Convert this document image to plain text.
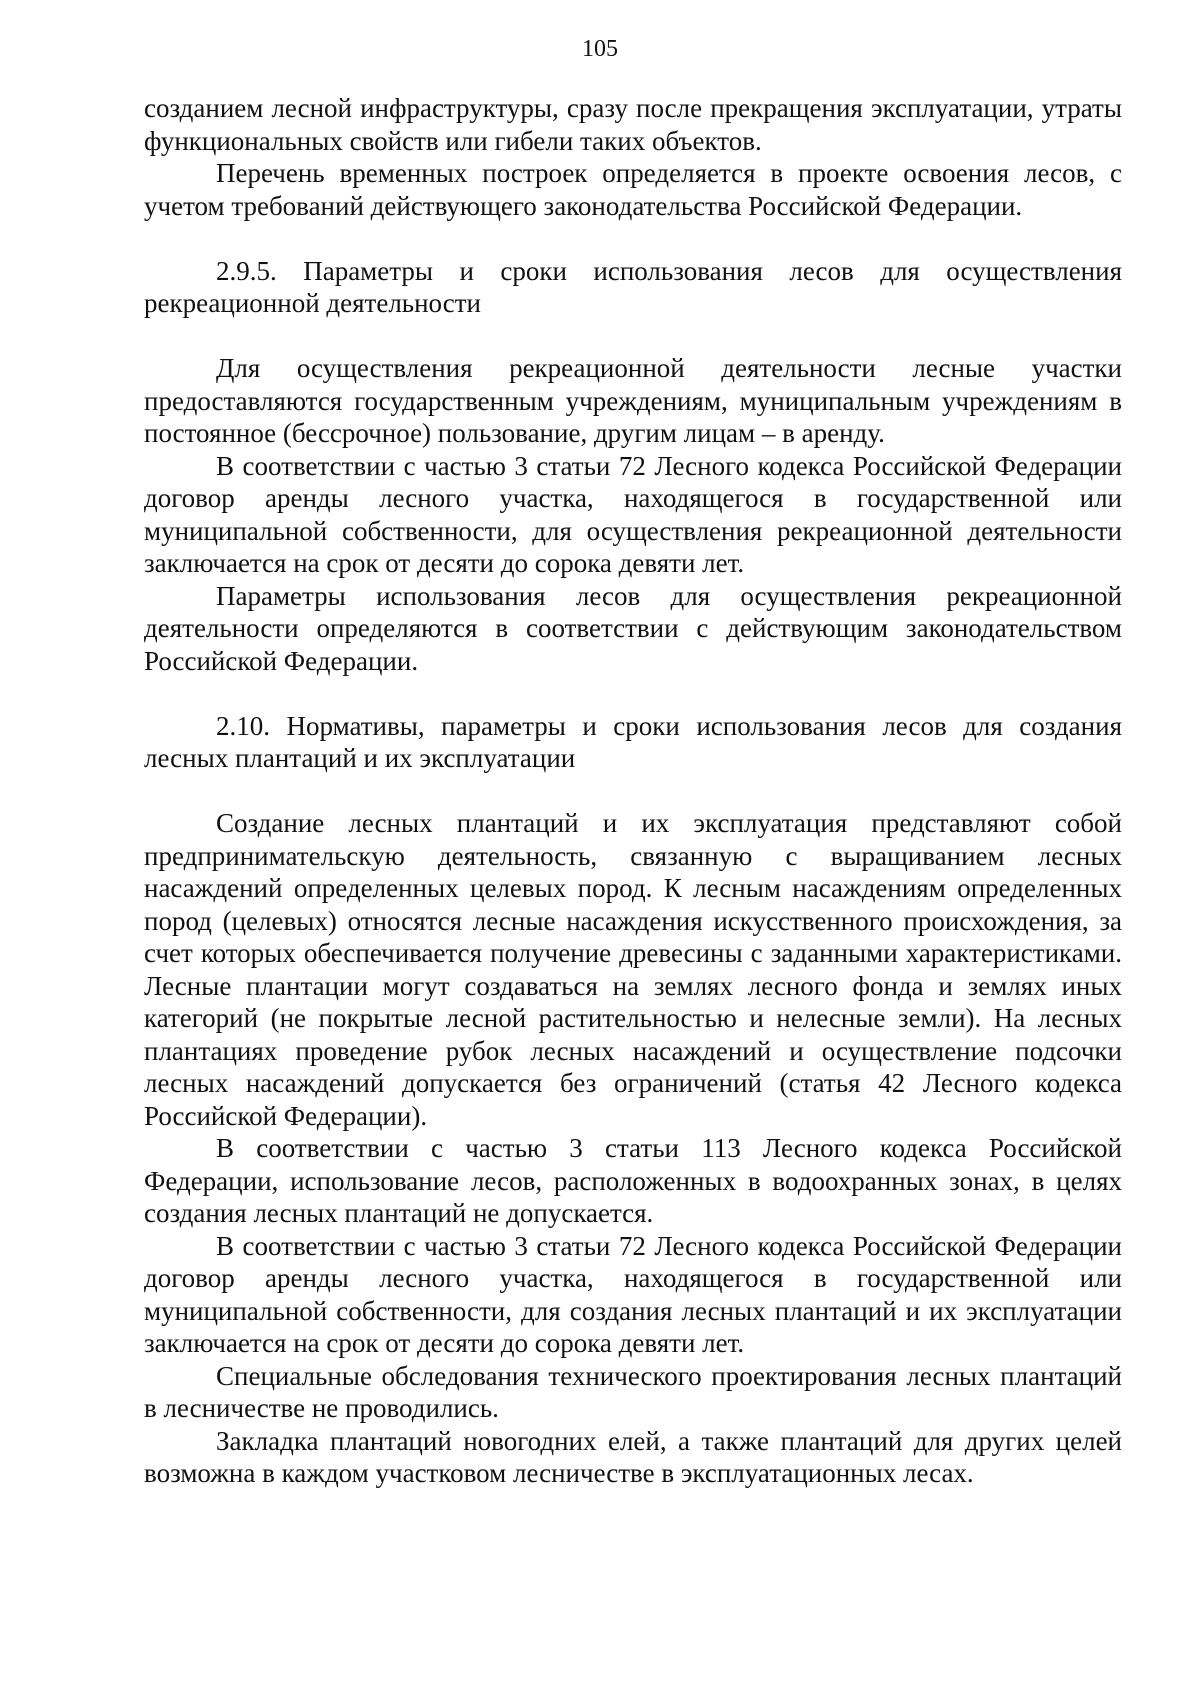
105

созданием лесной инфраструктуры, сразу после прекращения эксплуатации, утраты функциональных свойств или гибели таких объектов.

Перечень временных построек определяется в проекте освоения лесов, с учетом требований действующего законодательства Российской Федерации.

2.9.5. Параметры и сроки использования лесов для осуществления рекреационной деятельности

Для осуществления рекреационной деятельности лесные участки предоставляются государственным учреждениям, муниципальным учреждениям в постоянное (бессрочное) пользование, другим лицам – в аренду.

В соответствии с частью 3 статьи 72 Лесного кодекса Российской Федерации договор аренды лесного участка, находящегося в государственной или муниципальной собственности, для осуществления рекреационной деятельности заключается на срок от десяти до сорока девяти лет.

Параметры использования лесов для осуществления рекреационной деятельности определяются в соответствии с действующим законодательством Российской Федерации.

2.10. Нормативы, параметры и сроки использования лесов для создания лесных плантаций и их эксплуатации

Создание лесных плантаций и их эксплуатация представляют собой предпринимательскую деятельность, связанную с выращиванием лесных насаждений определенных целевых пород. К лесным насаждениям определенных пород (целевых) относятся лесные насаждения искусственного происхождения, за счет которых обеспечивается получение древесины с заданными характеристиками. Лесные плантации могут создаваться на землях лесного фонда и землях иных категорий (не покрытые лесной растительностью и нелесные земли). На лесных плантациях проведение рубок лесных насаждений и осуществление подсочки лесных насаждений допускается без ограничений (статья 42 Лесного кодекса Российской Федерации).

В соответствии с частью 3 статьи 113 Лесного кодекса Российской Федерации, использование лесов, расположенных в водоохранных зонах, в целях создания лесных плантаций не допускается.

В соответствии с частью 3 статьи 72 Лесного кодекса Российской Федерации договор аренды лесного участка, находящегося в государственной или муниципальной собственности, для создания лесных плантаций и их эксплуатации заключается на срок от десяти до сорока девяти лет.

Специальные обследования технического проектирования лесных плантаций в лесничестве не проводились.

Закладка плантаций новогодних елей, а также плантаций для других целей возможна в каждом участковом лесничестве в эксплуатационных лесах.
